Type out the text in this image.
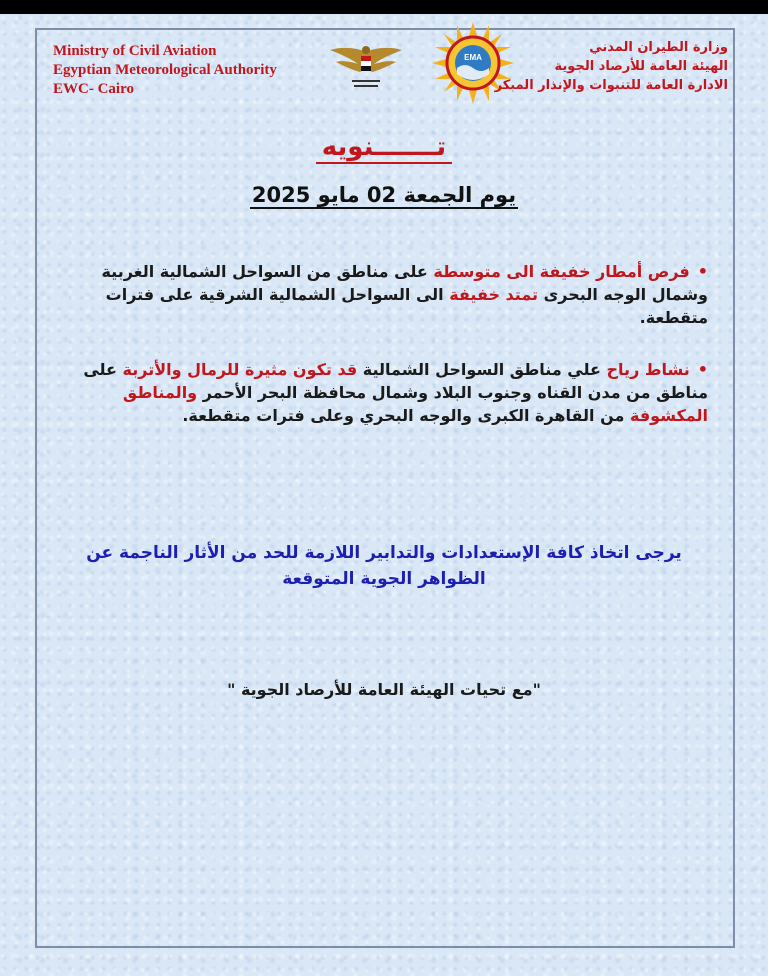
Ministry of Civil Aviation
Egyptian Meteorological Authority
EWC- Cairo
EMA
وزارة الطيران المدني
الهيئة العامة للأرصاد الجوية
الادارة العامة للتنبوات والإنذار المبكر
تـــــــنويه
يوم الجمعة 02 مايو 2025
•فرص أمطار خفيفة الى متوسطة على مناطق من السواحل الشمالية الغربية وشمال الوجه البحرى تمتد خفيفة الى السواحل الشمالية الشرقية على فترات متقطعة.
•نشاط رياح علي مناطق السواحل الشمالية قد تكون مثيرة للرمال والأتربة على مناطق من مدن القناه وجنوب البلاد وشمال محافظة البحر الأحمر والمناطق المكشوفة من القاهرة الكبرى والوجه البحري وعلى فترات متقطعة.
يرجى اتخاذ كافة الإستعدادات والتدابير اللازمة للحد من الأثار الناجمة عن
الظواهر الجوية المتوقعة
"مع تحيات الهيئة العامة للأرصاد الجوية "
